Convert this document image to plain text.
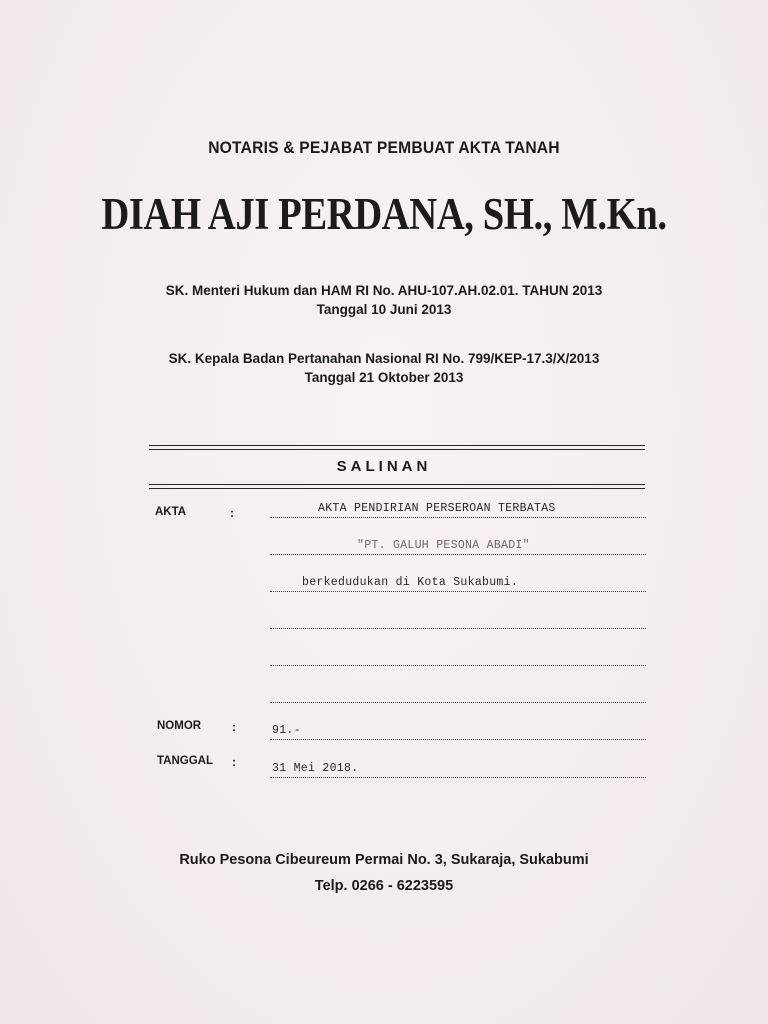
NOTARIS & PEJABAT PEMBUAT AKTA TANAH
DIAH AJI PERDANA, SH., M.Kn.
SK. Menteri Hukum dan HAM RI No. AHU-107.AH.02.01. TAHUN 2013
Tanggal 10 Juni 2013
SK. Kepala Badan Pertanahan Nasional RI No. 799/KEP-17.3/X/2013
Tanggal 21 Oktober 2013
SALINAN
AKTA	:	AKTA PENDIRIAN PERSEROAN TERBATAS
"PT. GALUH PESONA ABADI"
berkedudukan di Kota Sukabumi.
NOMOR	:	91.-
TANGGAL :	31 Mei 2018.
Ruko Pesona Cibeureum Permai No. 3, Sukaraja, Sukabumi
Telp. 0266 - 6223595
